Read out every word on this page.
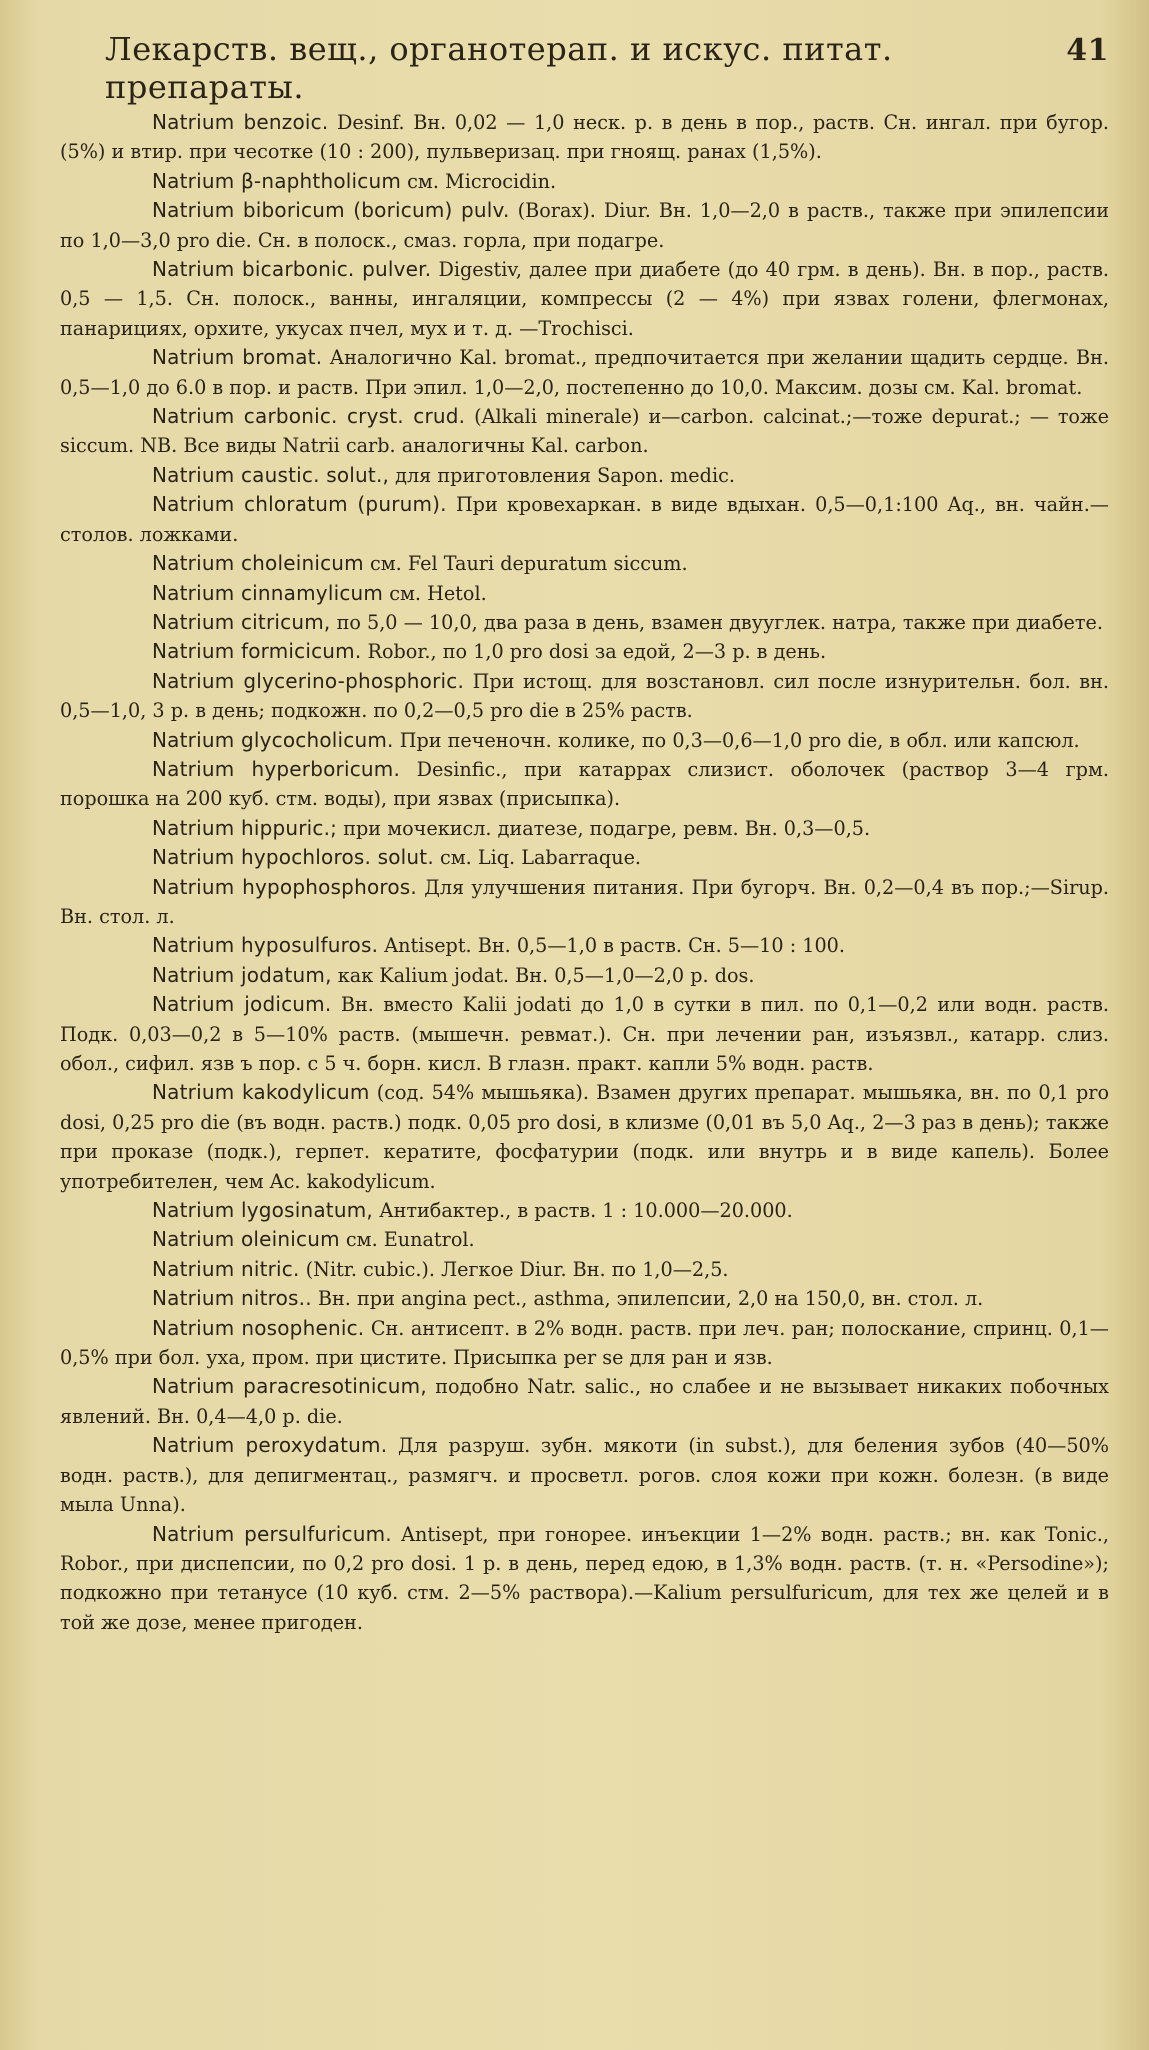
Лекарств. вещ., органотерап. и искус. питат. препараты.
41

Natrium benzoic. Desinf. Вн. 0,02 — 1,0 неск. р. в день в пор., раств. Сн. ингал. при бугор. (5%) и втир. при чесотке (10 : 200), пульверизац. при гноящ. ранах (1,5%).

Natrium β-naphtholicum см. Microcidin.

Natrium biboricum (boricum) pulv. (Borax). Diur. Вн. 1,0—2,0 в раств., также при эпилепсии по 1,0—3,0 pro die. Сн. в полоск., смаз. горла, при подагре.

Natrium bicarbonic. pulver. Digestiv, далее при диабете (до 40 грм. в день). Вн. в пор., раств. 0,5 — 1,5. Сн. полоск., ванны, ингаляции, компрессы (2 — 4%) при язвах голени, флегмонах, панарициях, орхите, укусах пчел, мух и т. д. —Trochisci.

Natrium bromat. Аналогично Kal. bromat., предпочитается при желании щадить сердце. Вн. 0,5—1,0 до 6.0 в пор. и раств. При эпил. 1,0—2,0, постепенно до 10,0. Максим. дозы см. Kal. bromat.

Natrium carbonic. cryst. crud. (Alkali minerale) и—carbon. calcinat.;—тоже depurat.; — тоже siccum. NB. Все виды Natrii carb. аналогичны Kal. carbon.

Natrium caustic. solut., для приготовления Sapon. medic.

Natrium chloratum (purum). При кровехаркан. в виде вдыхан. 0,5—0,1:100 Aq., вн. чайн.—столов. ложками.

Natrium choleinicum см. Fel Tauri depuratum siccum.

Natrium cinnamylicum см. Hetol.

Natrium citricum, по 5,0 — 10,0, два раза в день, взамен двууглек. натра, также при диабете.

Natrium formicicum. Robor., по 1,0 pro dosi за едой, 2—3 р. в день.

Natrium glycerino-phosphoric. При истощ. для возстановл. сил после изнурительн. бол. вн. 0,5—1,0, 3 р. в день; подкожн. по 0,2—0,5 pro die в 25% раств.

Natrium glycocholicum. При печеночн. колике, по 0,3—0,6—1,0 pro die, в обл. или капсюл.

Natrium hyperboricum. Desinfic., при катаррах слизист. оболочек (раствор 3—4 грм. порошка на 200 куб. стм. воды), при язвах (присыпка).

Natrium hippuric.; при мочекисл. диатезе, подагре, ревм. Вн. 0,3—0,5.

Natrium hypochloros. solut. см. Liq. Labarraque.

Natrium hypophosphoros. Для улучшения питания. При бугорч. Вн. 0,2—0,4 въ пор.;—Sirup. Вн. стол. л.

Natrium hyposulfuros. Antisept. Вн. 0,5—1,0 в раств. Сн. 5—10 : 100.

Natrium jodatum, как Kalium jodat. Вн. 0,5—1,0—2,0 р. dos.

Natrium jodicum. Вн. вместо Kalii jodati до 1,0 в сутки в пил. по 0,1—0,2 или водн. раств. Подк. 0,03—0,2 в 5—10% раств. (мышечн. ревмат.). Сн. при лечении ран, изъязвл., катарр. слиз. обол., сифил. язв ъ пор. с 5 ч. борн. кисл. В глазн. практ. капли 5% водн. раств.

Natrium kakodylicum (сод. 54% мышьяка). Взамен других препарат. мышьяка, вн. по 0,1 pro dosi, 0,25 pro die (въ водн. раств.) подк. 0,05 pro dosi, в клизме (0,01 въ 5,0 Aq., 2—3 раз в день); также при проказе (подк.), герпет. кератите, фосфатурии (подк. или внутрь и в виде капель). Более употребителен, чем Ac. kakodylicum.

Natrium lygosinatum, Антибактер., в раств. 1 : 10.000—20.000.

Natrium oleinicum см. Eunatrol.

Natrium nitric. (Nitr. cubic.). Легкое Diur. Вн. по 1,0—2,5.

Natrium nitros.. Вн. при angina pect., asthma, эпилепсии, 2,0 на 150,0, вн. стол. л.

Natrium nosophenic. Сн. антисепт. в 2% водн. раств. при леч. ран; полоскание, спринц. 0,1—0,5% при бол. уха, пром. при цистите. Присыпка per se для ран и язв.

Natrium paracresotinicum, подобно Natr. salic., но слабее и не вызывает никаких побочных явлений. Вн. 0,4—4,0 р. die.

Natrium peroxydatum. Для разруш. зубн. мякоти (in subst.), для беления зубов (40—50% водн. раств.), для депигментац., размягч. и просветл. рогов. слоя кожи при кожн. болезн. (в виде мыла Unna).

Natrium persulfuricum. Antisept, при гонорее. инъекции 1—2% водн. раств.; вн. как Tonic., Robor., при диспепсии, по 0,2 pro dosi. 1 р. в день, перед едою, в 1,3% водн. раств. (т. н. «Persodine»); подкожно при тетанусе (10 куб. стм. 2—5% раствора).—Kalium persulfuricum, для тех же целей и в той же дозе, менее пригоден.
